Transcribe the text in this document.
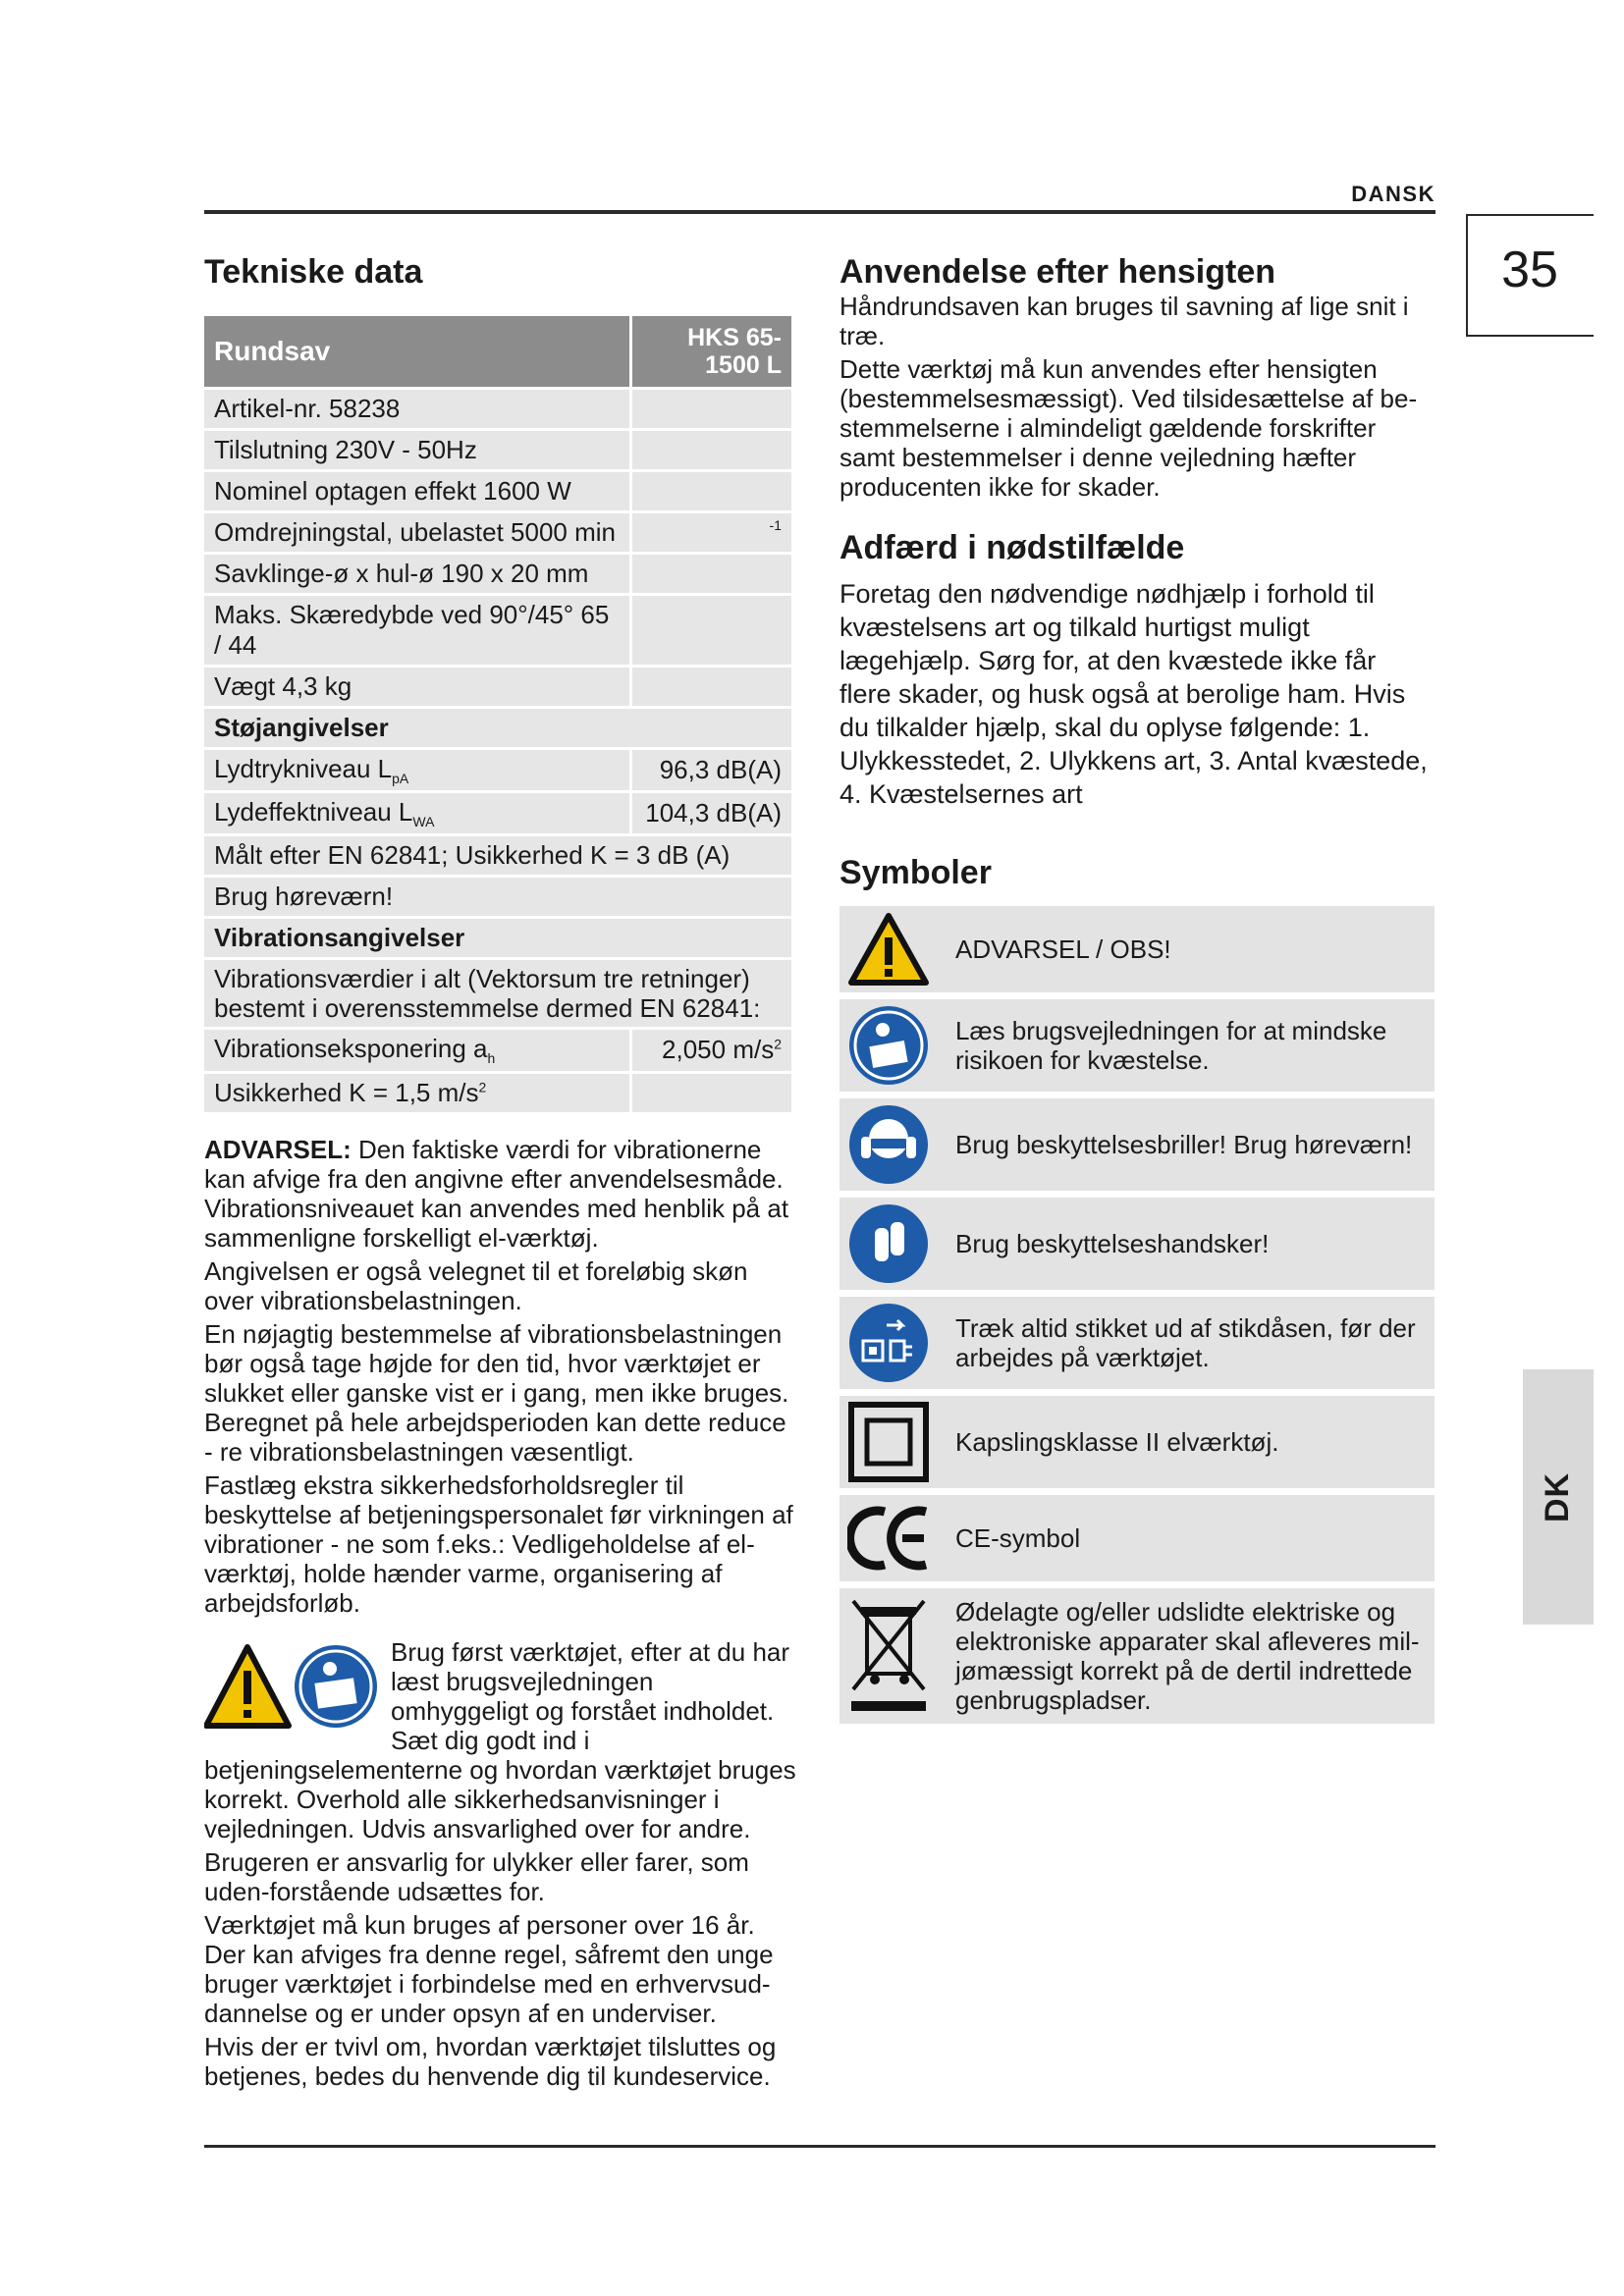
DANSK
35
DK
Tekniske data
Rundsav	HKS 65-1500 L
Artikel-nr. 58238	
Tilslutning 230V - 50Hz	
Nominel optagen effekt 1600 W	
Omdrejningstal, ubelastet 5000 min	-1
Savklinge-ø x hul-ø 190 x 20 mm	
Maks. Skæredybde ved 90°/45° 65 / 44	
Vægt 4,3 kg	
Støjangivelser	
Lydtrykniveau $L_{pA}$	96,3 dB(A)
Lydeffektniveau $L_{WA}$	104,3 dB(A)
Målt efter EN 62841; Usikkerhed K = 3 dB (A)	
Brug høreværn!	
Vibrationsangivelser	
Vibrationsværdier i alt (Vektorsum tre retninger) bestemt i overensstemmelse dermed EN 62841:	
Vibrationseksponering $a_h$	2,050 $m/s^2$
Usikkerhed K = 1,5 $m/s^2$	

ADVARSEL: Den faktiske værdi for vibrationerne kan afvige fra den angivne efter anvendelsesmåde. Vibrationsniveauet kan anvendes med henblik på at sammenligne forskelligt el-værktøj.

Angivelsen er også velegnet til et foreløbig skøn over vibrationsbelastningen.

En nøjagtig bestemmelse af vibrationsbelastningen bør også tage højde for den tid, hvor værktøjet er slukket eller ganske vist er i gang, men ikke bruges. Beregnet på hele arbejdsperioden kan dette reduce - re vibrationsbelastningen væsentligt.

Fastlæg ekstra sikkerhedsforholdsregler til beskyttelse af betjeningspersonalet før virkningen af vibrationer - ne som f.eks.: Vedligeholdelse af el-værktøj, holde hænder varme, organisering af arbejdsforløb.

Brug først værktøjet, efter at du har læst brugsvejledningen omhyggeligt og forstået indholdet. Sæt dig godt ind i betjeningselementerne og hvordan værktøjet bruges korrekt. Overhold alle sikkerhedsanvisninger i vejledningen. Udvis ansvarlighed over for andre.

Brugeren er ansvarlig for ulykker eller farer, som uden-forstående udsættes for.

Værktøjet må kun bruges af personer over 16 år. Der kan afviges fra denne regel, såfremt den unge bruger værktøjet i forbindelse med en erhvervsud-dannelse og er under opsyn af en underviser.

Hvis der er tvivl om, hvordan værktøjet tilsluttes og betjenes, bedes du henvende dig til kundeservice.

Anvendelse efter hensigten

Håndrundsaven kan bruges til savning af lige snit i træ.

Dette værktøj må kun anvendes efter hensigten (bestemmelsesmæssigt). Ved tilsidesættelse af be-stemmelserne i almindeligt gældende forskrifter samt bestemmelser i denne vejledning hæfter producenten ikke for skader.

Adfærd i nødstilfælde

Foretag den nødvendige nødhjælp i forhold til kvæstelsens art og tilkald hurtigst muligt lægehjælp. Sørg for, at den kvæstede ikke får flere skader, og husk også at berolige ham. Hvis du tilkalder hjælp, skal du oplyse følgende: 1. Ulykkesstedet, 2. Ulykkens art, 3. Antal kvæstede, 4. Kvæstelsernes art

Symboler
ADVARSEL / OBS!
Læs brugsvejledningen for at mindske risikoen for kvæstelse.
Brug beskyttelsesbriller! Brug høreværn!
Brug beskyttelseshandsker!
Træk altid stikket ud af stikdåsen, før der arbejdes på værktøjet.
Kapslingsklasse II elværktøj.
CE-symbol
Ødelagte og/eller udslidte elektriske og elektroniske apparater skal afleveres mil-jømæssigt korrekt på de dertil indrettede genbrugspladser.
